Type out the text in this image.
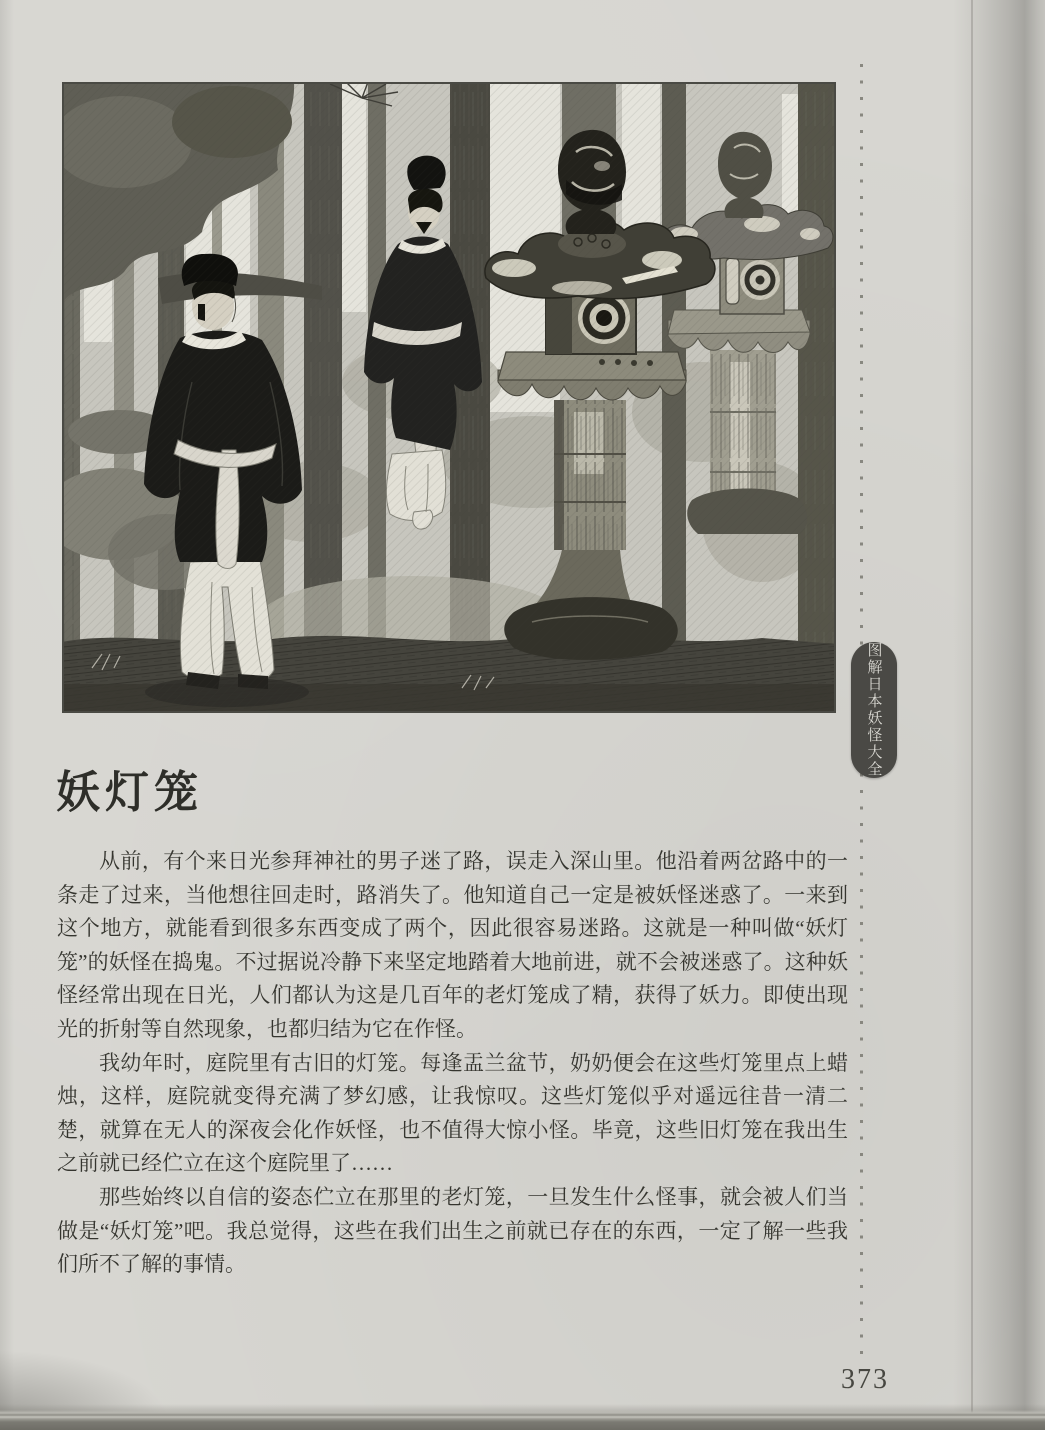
妖灯笼

从前，有个来日光参拜神社的男子迷了路，误走入深山里。他沿着两岔路中的一条走了过来，当他想往回走时，路消失了。他知道自己一定是被妖怪迷惑了。一来到这个地方，就能看到很多东西变成了两个，因此很容易迷路。这就是一种叫做“妖灯笼”的妖怪在捣鬼。不过据说冷静下来坚定地踏着大地前进，就不会被迷惑了。这种妖怪经常出现在日光，人们都认为这是几百年的老灯笼成了精，获得了妖力。即使出现光的折射等自然现象，也都归结为它在作怪。

我幼年时，庭院里有古旧的灯笼。每逢盂兰盆节，奶奶便会在这些灯笼里点上蜡烛，这样，庭院就变得充满了梦幻感，让我惊叹。这些灯笼似乎对遥远往昔一清二楚，就算在无人的深夜会化作妖怪，也不值得大惊小怪。毕竟，这些旧灯笼在我出生之前就已经伫立在这个庭院里了……

那些始终以自信的姿态伫立在那里的老灯笼，一旦发生什么怪事，就会被人们当做是“妖灯笼”吧。我总觉得，这些在我们出生之前就已存在的东西，一定了解一些我们所不了解的事情。

图解日本妖怪大全
373
